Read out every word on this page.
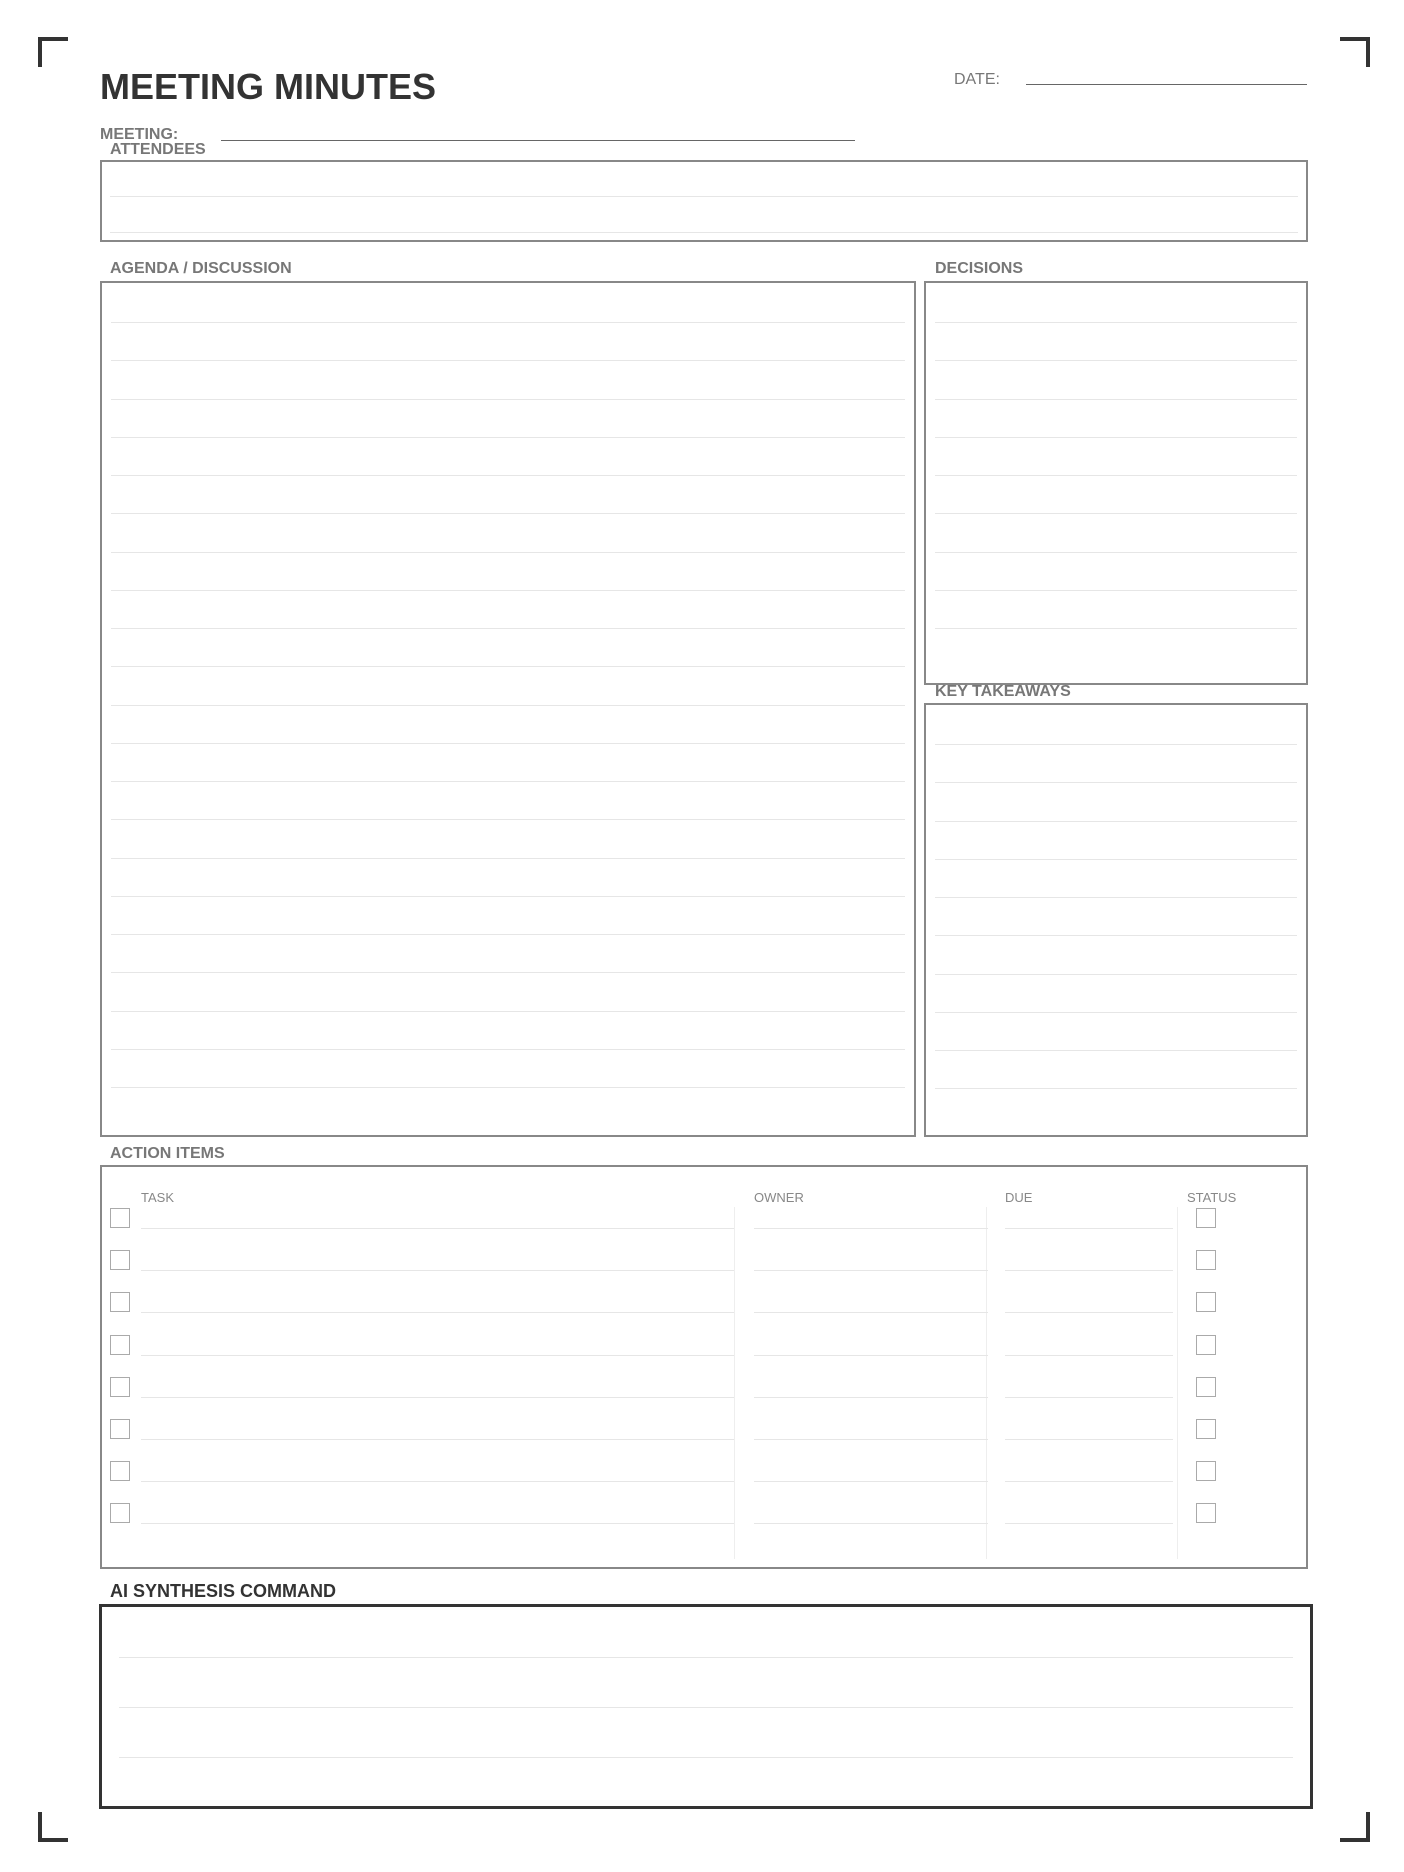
MEETING MINUTES	DATE:
MEETING:
ATTENDEES
AGENDA / DISCUSSION	DECISIONS
KEY TAKEAWAYS
ACTION ITEMS
TASK	OWNER	DUE	STATUS
AI SYNTHESIS COMMAND
